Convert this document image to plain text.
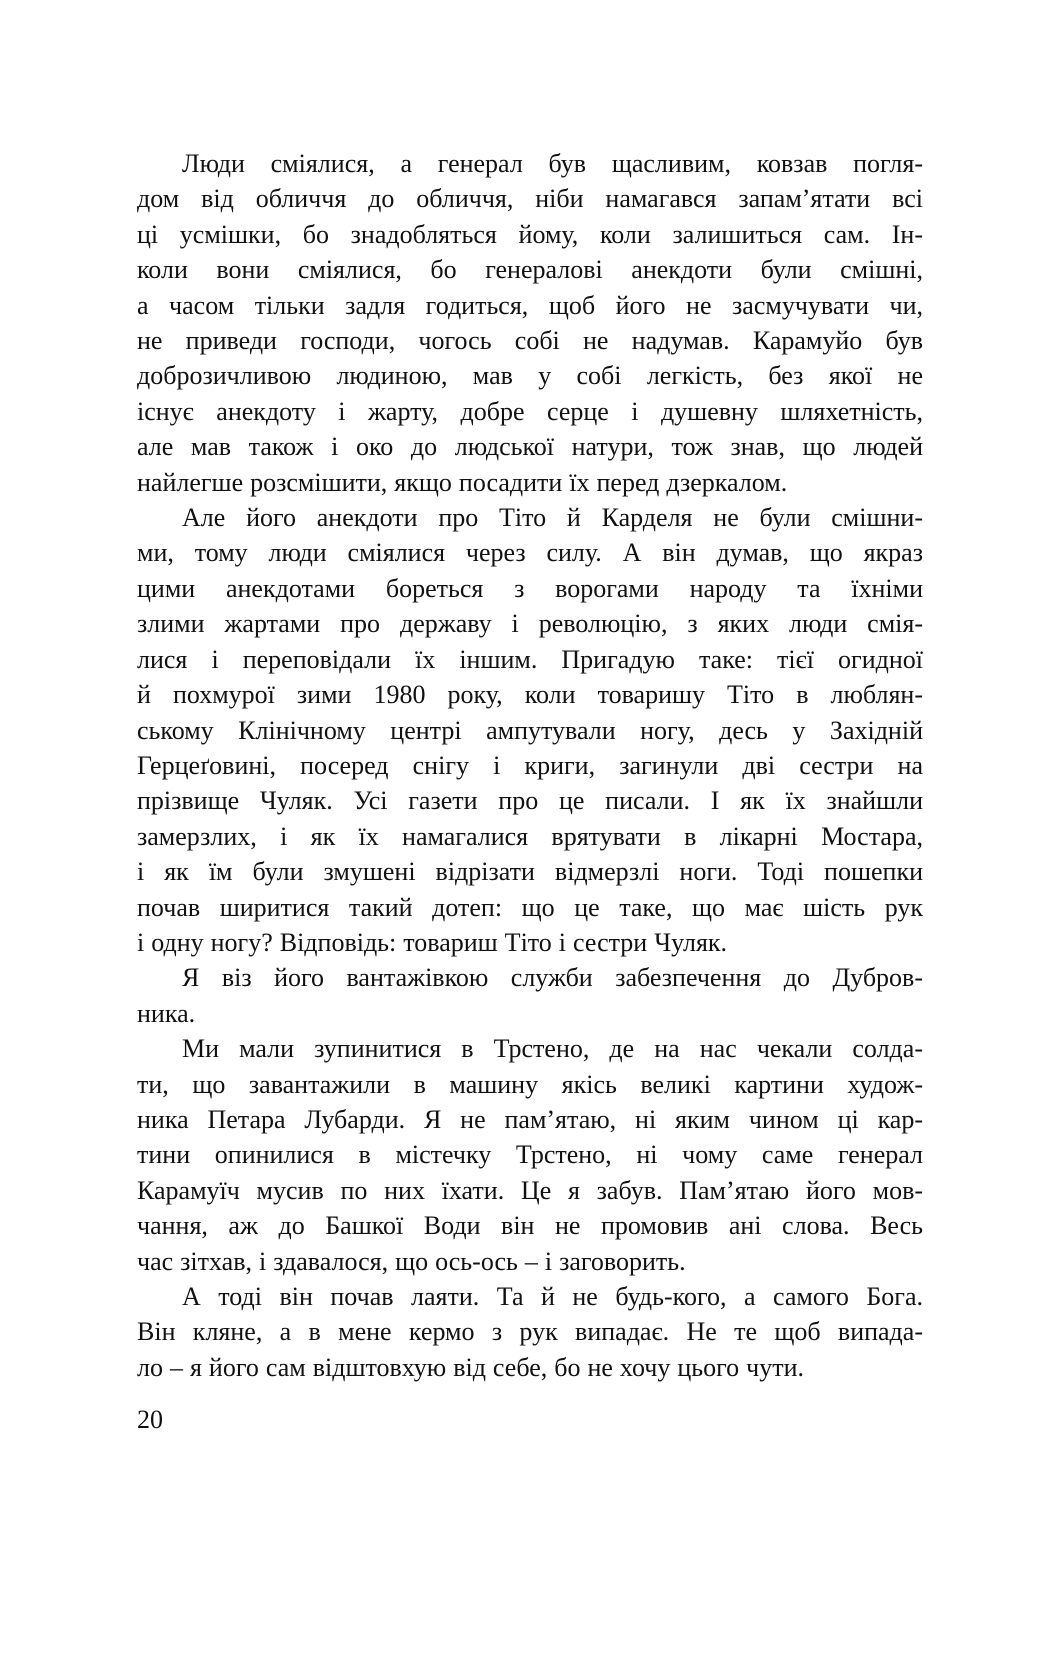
Люди сміялися, а генерал був щасливим, ковзав погля-
дом від обличчя до обличчя, ніби намагався запам’ятати всі
ці усмішки, бо знадобляться йому, коли залишиться сам. Ін-
коли вони сміялися, бо генералові анекдоти були смішні,
а часом тільки задля годиться, щоб його не засмучувати чи,
не приведи господи, чогось собі не надумав. Карамуйо був
доброзичливою людиною, мав у собі легкість, без якої не
існує анекдоту і жарту, добре серце і душевну шляхетність,
але мав також і око до людської натури, тож знав, що людей
найлегше розсмішити, якщо посадити їх перед дзеркалом.

Але його анекдоти про Тіто й Карделя не були смішни-
ми, тому люди сміялися через силу. А він думав, що якраз
цими анекдотами бореться з ворогами народу та їхніми
злими жартами про державу і революцію, з яких люди смія-
лися і переповідали їх іншим. Пригадую таке: тієї огидної
й похмурої зими 1980 року, коли товаришу Тіто в люблян-
ському Клінічному центрі ампутували ногу, десь у Західній
Герцеґовині, посеред снігу і криги, загинули дві сестри на
прізвище Чуляк. Усі газети про це писали. І як їх знайшли
замерзлих, і як їх намагалися врятувати в лікарні Мостара,
і як їм були змушені відрізати відмерзлі ноги. Тоді пошепки
почав ширитися такий дотеп: що це таке, що має шість рук
і одну ногу? Відповідь: товариш Тіто і сестри Чуляк.

Я віз його вантажівкою служби забезпечення до Дубров-
ника.

Ми мали зупинитися в Трстено, де на нас чекали солда-
ти, що завантажили в машину якісь великі картини худож-
ника Петара Лубарди. Я не пам’ятаю, ні яким чином ці кар-
тини опинилися в містечку Трстено, ні чому саме генерал
Карамуїч мусив по них їхати. Це я забув. Пам’ятаю його мов-
чання, аж до Башкої Води він не промовив ані слова. Весь
час зітхав, і здавалося, що ось-ось – і заговорить.

А тоді він почав лаяти. Та й не будь-кого, а самого Бога.
Він кляне, а в мене кермо з рук випадає. Не те щоб випада-
ло – я його сам відштовхую від себе, бо не хочу цього чути.

20
